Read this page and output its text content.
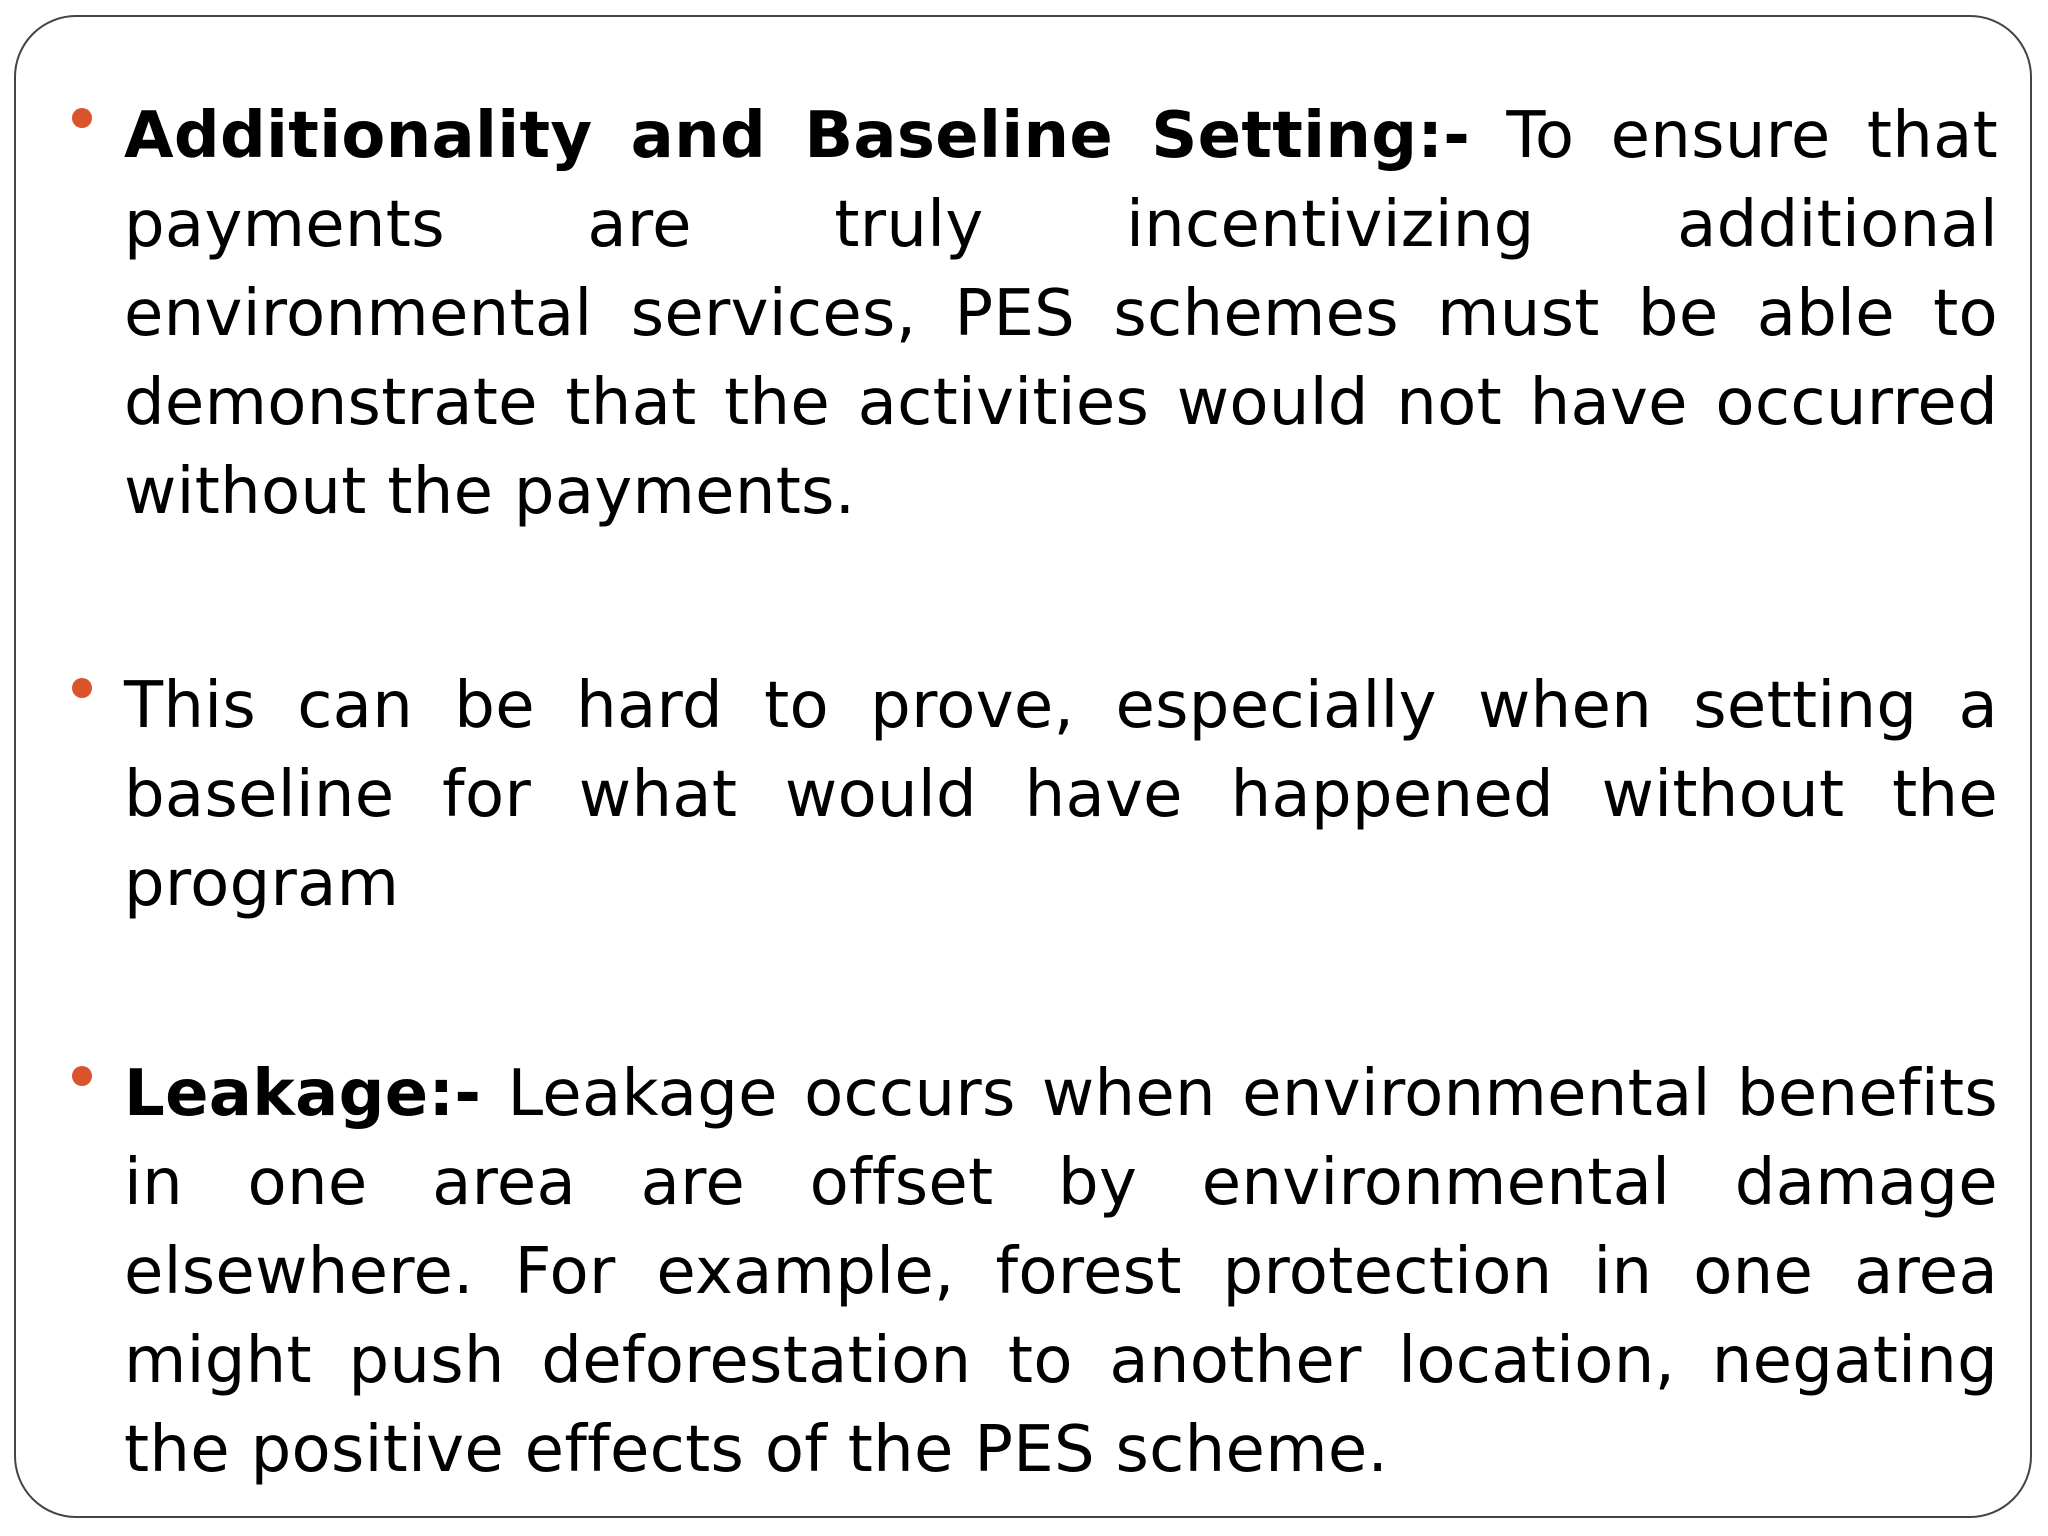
Additionality and Baseline Setting:- To ensure that payments are truly incentivizing additional environmental services, PES schemes must be able to demonstrate that the activities would not have occurred without the payments.

This can be hard to prove, especially when setting a baseline for what would have happened without the program

Leakage:- Leakage occurs when environmental benefits in one area are offset by environmental damage elsewhere. For example, forest protection in one area might push deforestation to another location, negating the positive effects of the PES scheme.
